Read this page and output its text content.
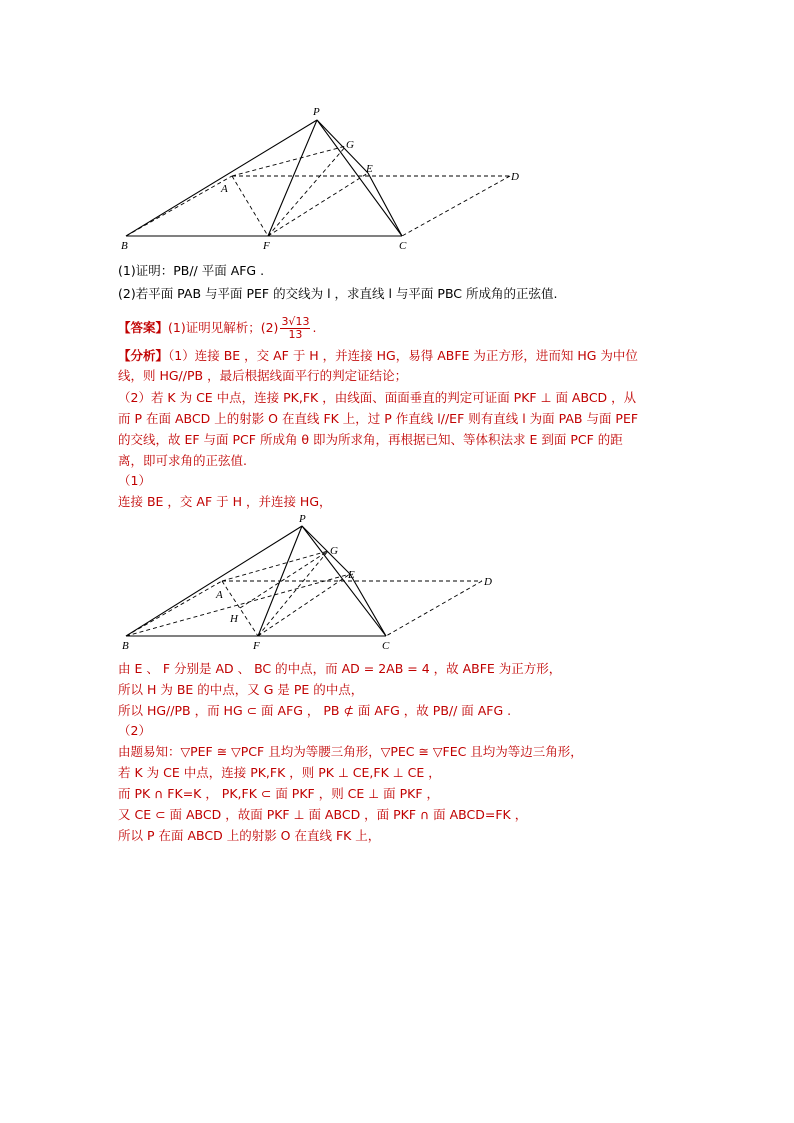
P
G
E
D
A
B	F	C
(1)证明：PB// 平面 AFG .
(2)若平面 PAB 与平面 PEF 的交线为 l ，求直线 l 与平面 PBC 所成角的正弦值.
【答案】(1)证明见解析；$(2) \frac{3√13}{13}$ .
【分析】（1）连接 BE ，交 AF 于 H ，并连接 HG，易得 ABFE 为正方形，进而知 HG 为中位
线，则 HG//PB ，最后根据线面平行的判定证结论；
（2）若 K 为 CE 中点，连接 PK,FK ，由线面、面面垂直的判定可证面 PKF ⊥ 面 ABCD ，从
而 P 在面 ABCD 上的射影 O 在直线 FK 上，过 P 作直线 l//EF 则有直线 l 为面 PAB 与面 PEF
的交线，故 EF 与面 PCF 所成角 θ 即为所求角，再根据已知、等体积法求 E 到面 PCF 的距
离，即可求角的正弦值.
（1）
连接 BE ，交 AF 于 H ，并连接 HG，
P
G
E
D
A
H
B	F	C
由 E 、 F 分别是 AD 、 BC 的中点，而 AD = 2AB = 4 ，故 ABFE 为正方形，
所以 H 为 BE 的中点，又 G 是 PE 的中点，
所以 HG//PB ，而 HG ⊂ 面 AFG ， PB ⊄ 面 AFG ，故 PB// 面 AFG .
（2）
由题易知：▽PEF ≅ ▽PCF 且均为等腰三角形，▽PEC ≅ ▽FEC 且均为等边三角形，
若 K 为 CE 中点，连接 PK,FK ，则 PK ⊥ CE,FK ⊥ CE ，
而 PK ∩ FK=K ， PK,FK ⊂ 面 PKF ，则 CE ⊥ 面 PKF ，
又 CE ⊂ 面 ABCD ，故面 PKF ⊥ 面 ABCD ，面 PKF ∩ 面 ABCD=FK ，
所以 P 在面 ABCD 上的射影 O 在直线 FK 上，
